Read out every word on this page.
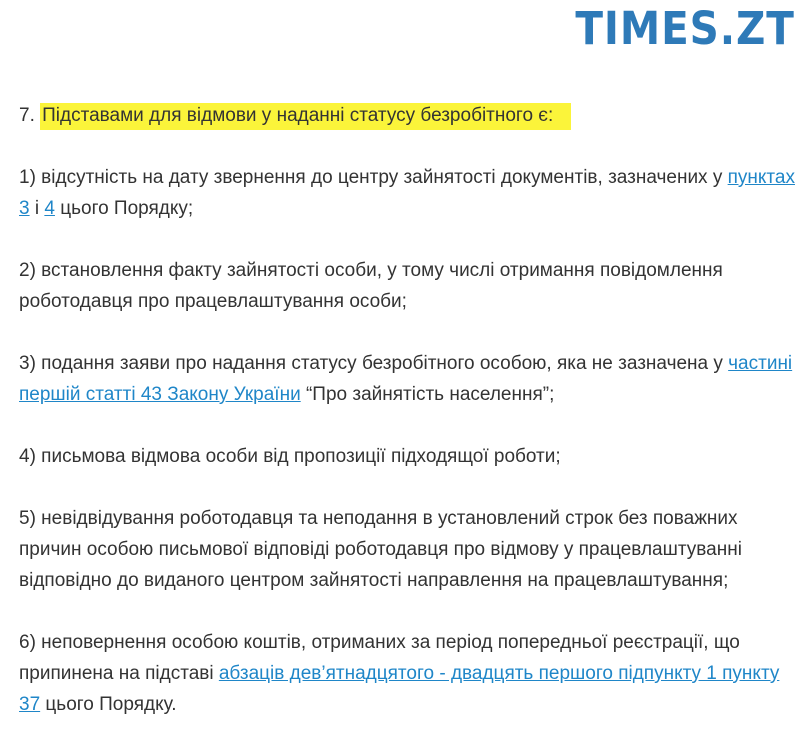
TIMES.ZT

7. Підставами для відмови у наданні статусу безробітного є:

1) відсутність на дату звернення до центру зайнятості документів, зазначених у пунктах 3 і 4 цього Порядку;

2) встановлення факту зайнятості особи, у тому числі отримання повідомлення роботодавця про працевлаштування особи;

3) подання заяви про надання статусу безробітного особою, яка не зазначена у частині першій статті 43 Закону України “Про зайнятість населення”;

4) письмова відмова особи від пропозиції підходящої роботи;

5) невідвідування роботодавця та неподання в установлений строк без поважних причин особою письмової відповіді роботодавця про відмову у працевлаштуванні відповідно до виданого центром зайнятості направлення на працевлаштування;

6) неповернення особою коштів, отриманих за період попередньої реєстрації, що припинена на підставі абзаців дев’ятнадцятого - двадцять першого підпункту 1 пункту 37 цього Порядку.
